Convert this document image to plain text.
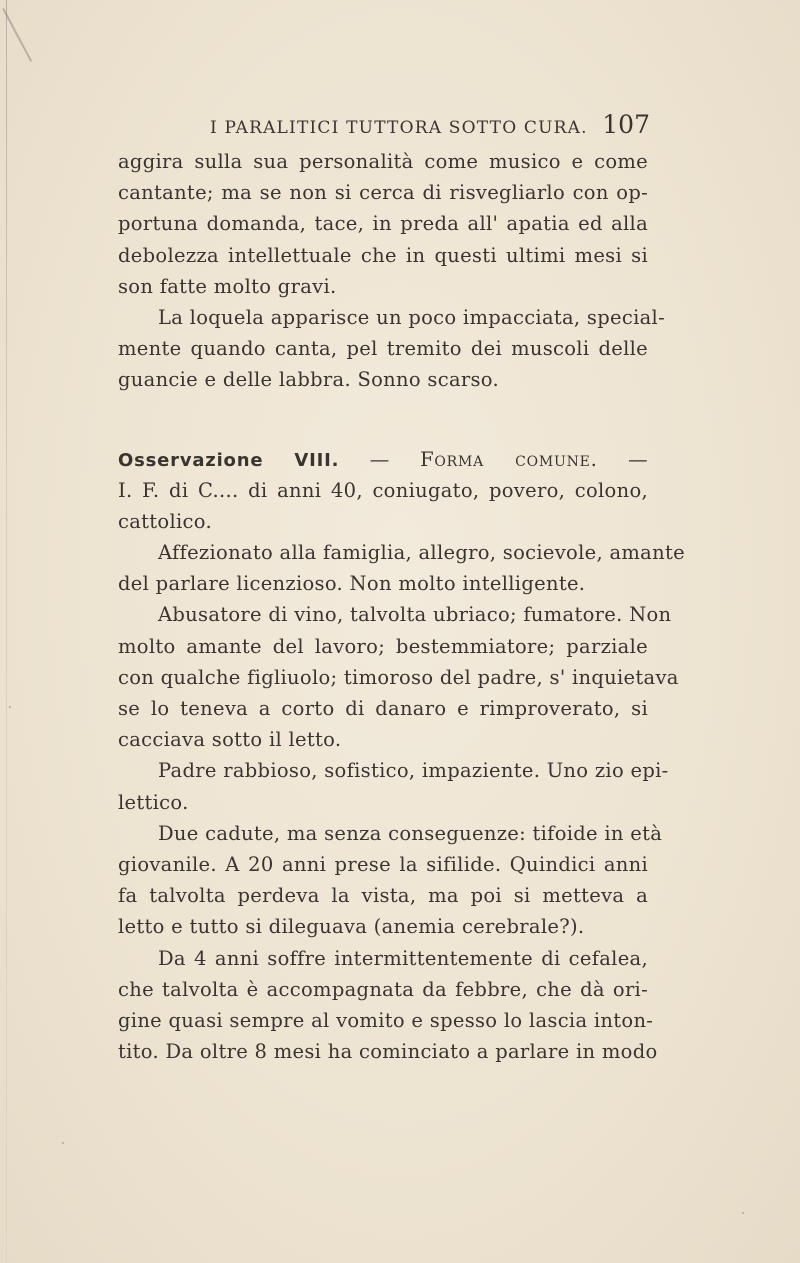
I PARALITICI TUTTORA SOTTO CURA. 107
aggira sulla sua personalità come musico e come
cantante; ma se non si cerca di risvegliarlo con op-
portuna domanda, tace, in preda all' apatia ed alla
debolezza intellettuale che in questi ultimi mesi si
son fatte molto gravi.
La loquela apparisce un poco impacciata, special-
mente quando canta, pel tremito dei muscoli delle
guancie e delle labbra. Sonno scarso.
Osservazione VIII. — Forma comune. —
I. F. di C.... di anni 40, coniugato, povero, colono,
cattolico.
Affezionato alla famiglia, allegro, socievole, amante
del parlare licenzioso. Non molto intelligente.
Abusatore di vino, talvolta ubriaco; fumatore. Non
molto amante del lavoro; bestemmiatore; parziale
con qualche figliuolo; timoroso del padre, s' inquietava
se lo teneva a corto di danaro e rimproverato, si
cacciava sotto il letto.
Padre rabbioso, sofistico, impaziente. Uno zio epi-
lettico.
Due cadute, ma senza conseguenze: tifoide in età
giovanile. A 20 anni prese la sifilide. Quindici anni
fa talvolta perdeva la vista, ma poi si metteva a
letto e tutto si dileguava (anemia cerebrale?).
Da 4 anni soffre intermittentemente di cefalea,
che talvolta è accompagnata da febbre, che dà ori-
gine quasi sempre al vomito e spesso lo lascia inton-
tito. Da oltre 8 mesi ha cominciato a parlare in modo
